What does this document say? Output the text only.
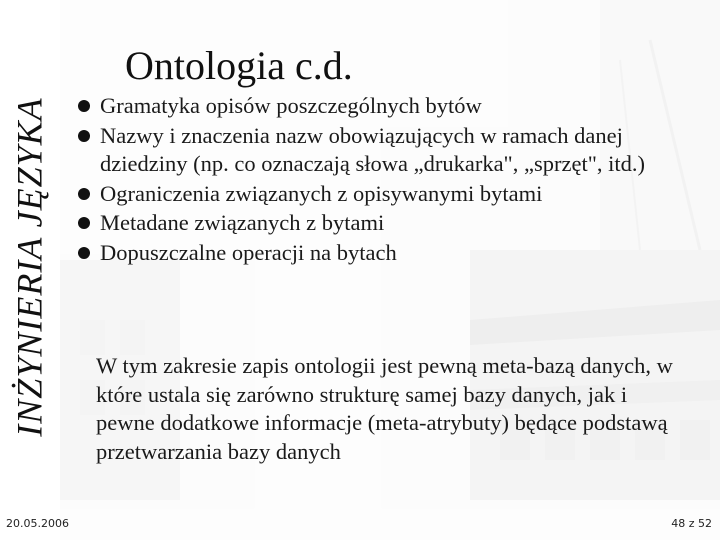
INŻYNIERIA JĘZYKA
Ontologia c.d.
Gramatyka opisów poszczególnych bytów
Nazwy i znaczenia nazw obowiązujących w ramach danej dziedziny (np. co oznaczają słowa „drukarka", „sprzęt", itd.)
Ograniczenia związanych z opisywanymi bytami
Metadane związanych z bytami
Dopuszczalne operacji na bytach

W tym zakresie zapis ontologii jest pewną meta-bazą danych, w które ustala się zarówno strukturę samej bazy danych, jak i pewne dodatkowe informacje (meta-atrybuty) będące podstawą przetwarzania bazy danych

20.05.2006	48 z 52
